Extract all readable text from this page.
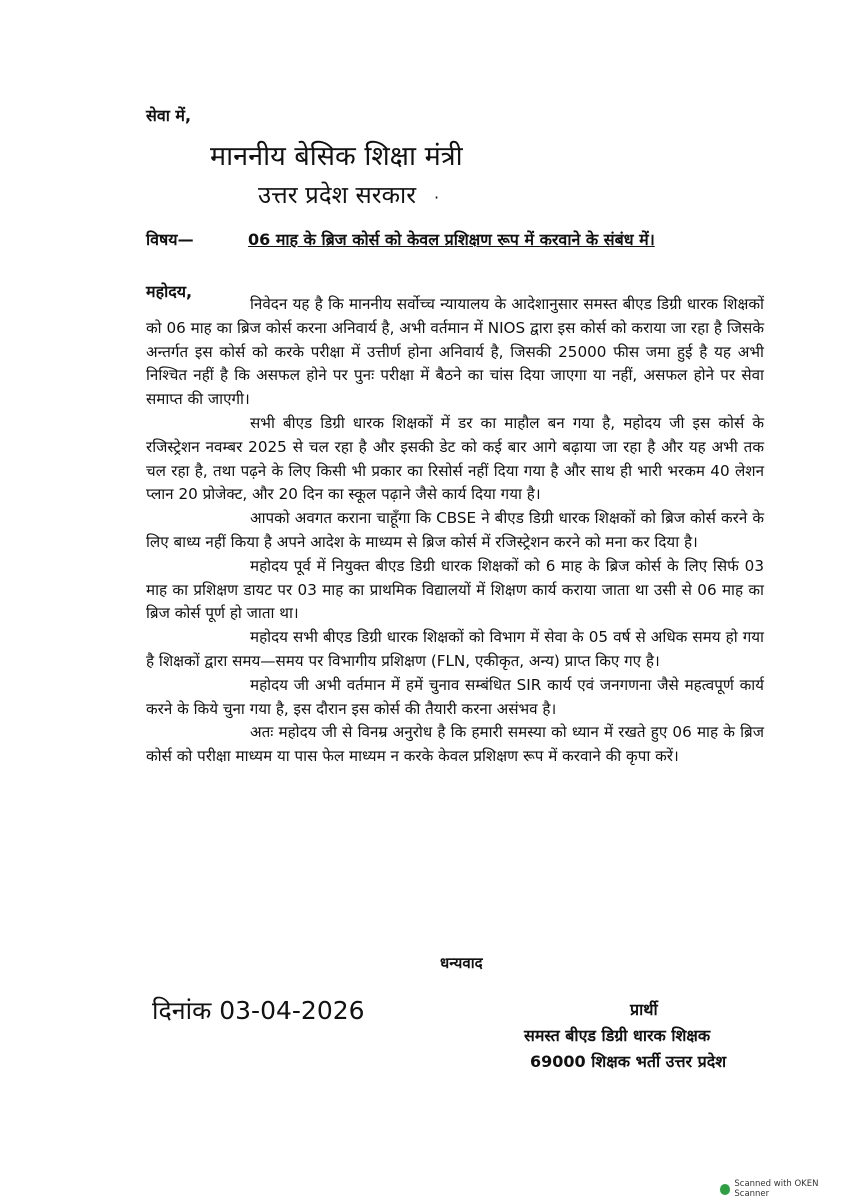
सेवा में,
माननीय बेसिक शिक्षा मंत्री
उत्तर प्रदेश सरकार ·
विषय—	06 माह के ब्रिज कोर्स को केवल प्रशिक्षण रूप में करवाने के संबंध में।
महोदय,

निवेदन यह है कि माननीय सर्वोच्च न्यायालय के आदेशानुसार समस्त बीएड डिग्री धारक शिक्षकों को 06 माह का ब्रिज कोर्स करना अनिवार्य है, अभी वर्तमान में NIOS द्वारा इस कोर्स को कराया जा रहा है जिसके अन्तर्गत इस कोर्स को करके परीक्षा में उत्तीर्ण होना अनिवार्य है, जिसकी 25000 फीस जमा हुई है यह अभी निश्चित नहीं है कि असफल होने पर पुनः परीक्षा में बैठने का चांस दिया जाएगा या नहीं, असफल होने पर सेवा समाप्त की जाएगी।

सभी बीएड डिग्री धारक शिक्षकों में डर का माहौल बन गया है, महोदय जी इस कोर्स के रजिस्ट्रेशन नवम्बर 2025 से चल रहा है और इसकी डेट को कई बार आगे बढ़ाया जा रहा है और यह अभी तक चल रहा है, तथा पढ़ने के लिए किसी भी प्रकार का रिसोर्स नहीं दिया गया है और साथ ही भारी भरकम 40 लेशन प्लान 20 प्रोजेक्ट, और 20 दिन का स्कूल पढ़ाने जैसे कार्य दिया गया है।

आपको अवगत कराना चाहूँगा कि CBSE ने बीएड डिग्री धारक शिक्षकों को ब्रिज कोर्स करने के लिए बाध्य नहीं किया है अपने आदेश के माध्यम से ब्रिज कोर्स में रजिस्ट्रेशन करने को मना कर दिया है।

महोदय पूर्व में नियुक्त बीएड डिग्री धारक शिक्षकों को 6 माह के ब्रिज कोर्स के लिए सिर्फ 03 माह का प्रशिक्षण डायट पर 03 माह का प्राथमिक विद्यालयों में शिक्षण कार्य कराया जाता था उसी से 06 माह का ब्रिज कोर्स पूर्ण हो जाता था।

महोदय सभी बीएड डिग्री धारक शिक्षकों को विभाग में सेवा के 05 वर्ष से अधिक समय हो गया है शिक्षकों द्वारा समय—समय पर विभागीय प्रशिक्षण (FLN, एकीकृत, अन्य) प्राप्त किए गए है।

महोदय जी अभी वर्तमान में हमें चुनाव सम्बंधित SIR कार्य एवं जनगणना जैसे महत्वपूर्ण कार्य करने के किये चुना गया है, इस दौरान इस कोर्स की तैयारी करना असंभव है।

अतः महोदय जी से विनम्र अनुरोध है कि हमारी समस्या को ध्यान में रखते हुए 06 माह के ब्रिज कोर्स को परीक्षा माध्यम या पास फेल माध्यम न करके केवल प्रशिक्षण रूप में करवाने की कृपा करें।

धन्यवाद
दिनांक 03-04-2026	प्रार्थी
समस्त बीएड डिग्री धारक शिक्षक
69000 शिक्षक भर्ती उत्तर प्रदेश
Scanned with OKEN Scanner
